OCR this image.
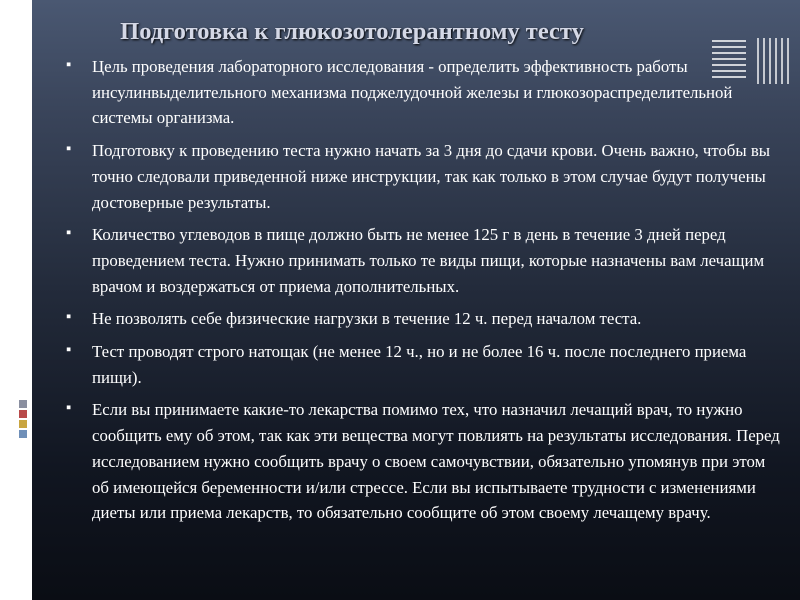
Подготовка к глюкозотолерантному тесту
▪ Цель проведения лабораторного исследования - определить эффективность работы инсулинвыделительного механизма поджелудочной железы и глюкозораспределительной системы организма.
▪ Подготовку к проведению теста нужно начать за 3 дня до сдачи крови. Очень важно, чтобы вы точно следовали приведенной ниже инструкции, так как только в этом случае будут получены достоверные результаты.
▪ Количество углеводов в пище должно быть не менее 125 г в день в течение 3 дней перед проведением теста. Нужно принимать только те виды пищи, которые назначены вам лечащим врачом и воздержаться от приема дополнительных.
▪ Не позволять себе физические нагрузки в течение 12 ч. перед началом теста.
▪ Тест проводят строго натощак (не менее 12 ч., но и не более 16 ч. после последнего приема пищи).
▪ Если вы принимаете какие-то лекарства помимо тех, что назначил лечащий врач, то нужно сообщить ему об этом, так как эти вещества могут повлиять на результаты исследования. Перед исследованием нужно сообщить врачу о своем самочувствии, обязательно упомянув при этом об имеющейся беременности и/или стрессе. Если вы испытываете трудности с изменениями диеты или приема лекарств, то обязательно сообщите об этом своему лечащему врачу.
